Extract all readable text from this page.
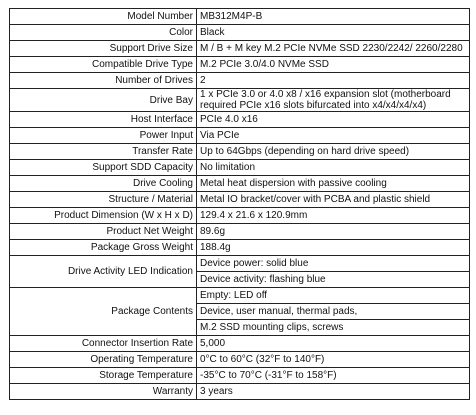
Model Number	MB312M4P-B
Color	Black
Support Drive Size	M / B + M key M.2 PCIe NVMe SSD 2230/2242/ 2260/2280
Compatible Drive Type	M.2 PCIe 3.0/4.0 NVMe SSD
Number of Drives	2
Drive Bay	1 x PCIe 3.0 or 4.0 x8 / x16 expansion slot (motherboard required PCIe x16 slots bifurcated into x4/x4/x4/x4)
Host Interface	PCIe 4.0 x16
Power Input	Via PCIe
Transfer Rate	Up to 64Gbps (depending on hard drive speed)
Support SDD Capacity	No limitation
Drive Cooling	Metal heat dispersion with passive cooling
Structure / Material	Metal IO bracket/cover with PCBA and plastic shield
Product Dimension (W x H x D)	129.4 x 21.6 x 120.9mm
Product Net Weight	89.6g
Package Gross Weight	188.4g
Drive Activity LED Indication	Device power: solid blue
	Device activity: flashing blue
Package Contents	Empty: LED off
	Device, user manual, thermal pads,
	M.2 SSD mounting clips, screws
Connector Insertion Rate	5,000
Operating Temperature	0°C to 60°C (32°F to 140°F)
Storage Temperature	-35°C to 70°C (-31°F to 158°F)
Warranty	3 years
